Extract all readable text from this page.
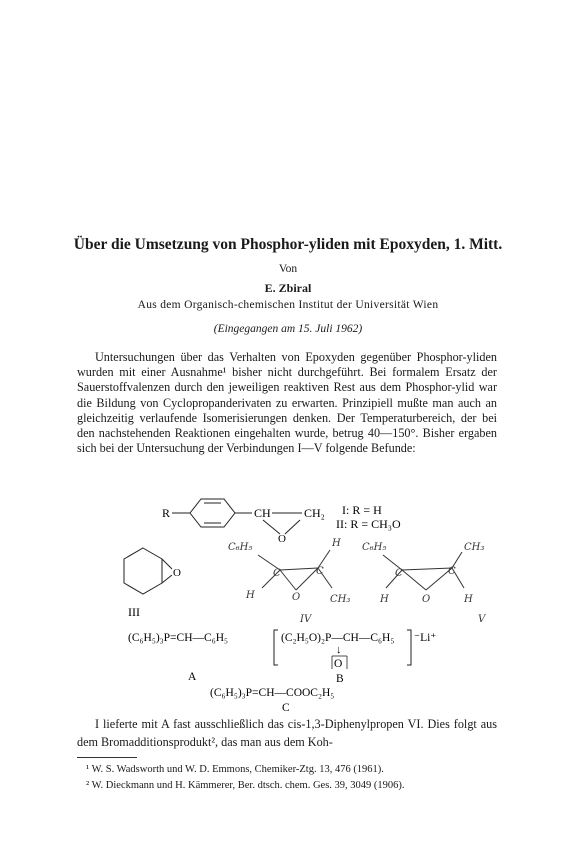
Über die Umsetzung von Phosphor-yliden mit Epoxyden, 1. Mitt.
Von
E. Zbiral
Aus dem Organisch-chemischen Institut der Universität Wien
(Eingegangen am 15. Juli 1962)
Untersuchungen über das Verhalten von Epoxyden gegenüber Phosphor-yliden wurden mit einer Ausnahme¹ bisher nicht durchgeführt. Bei formalem Ersatz der Sauerstoffvalenzen durch den jeweiligen reaktiven Rest aus dem Phosphor-ylid war die Bildung von Cyclopropanderivaten zu erwarten. Prinzipiell mußte man auch an gleichzeitig verlaufende Isomerisierungen denken. Der Temperaturbereich, der bei den nachstehenden Reaktionen eingehalten wurde, betrug 40—150°. Bisher ergaben sich bei der Untersuchung der Verbindungen I—V folgende Befunde:
R	CH	CH₂
O
I: R = H
II: R = CH₃O
O
III
C₆H₅	H
C	C
H	O	CH₃
IV
C₆H₅	CH₃
C	C
H	O	H
V
(C₆H₅)₃P=CH—C₆H₅
A
(C₂H₅O)₂P—CH—C₆H₅ ⁻Li⁺
↓
O
B
(C₆H₅)₃P=CH—COOC₂H₅
C
I lieferte mit A fast ausschließlich das cis-1,3-Diphenylpropen VI. Dies folgt aus dem Bromadditionsprodukt², das man aus dem Koh-
¹ W. S. Wadsworth und W. D. Emmons, Chemiker-Ztg. 13, 476 (1961).
² W. Dieckmann und H. Kämmerer, Ber. dtsch. chem. Ges. 39, 3049 (1906).
